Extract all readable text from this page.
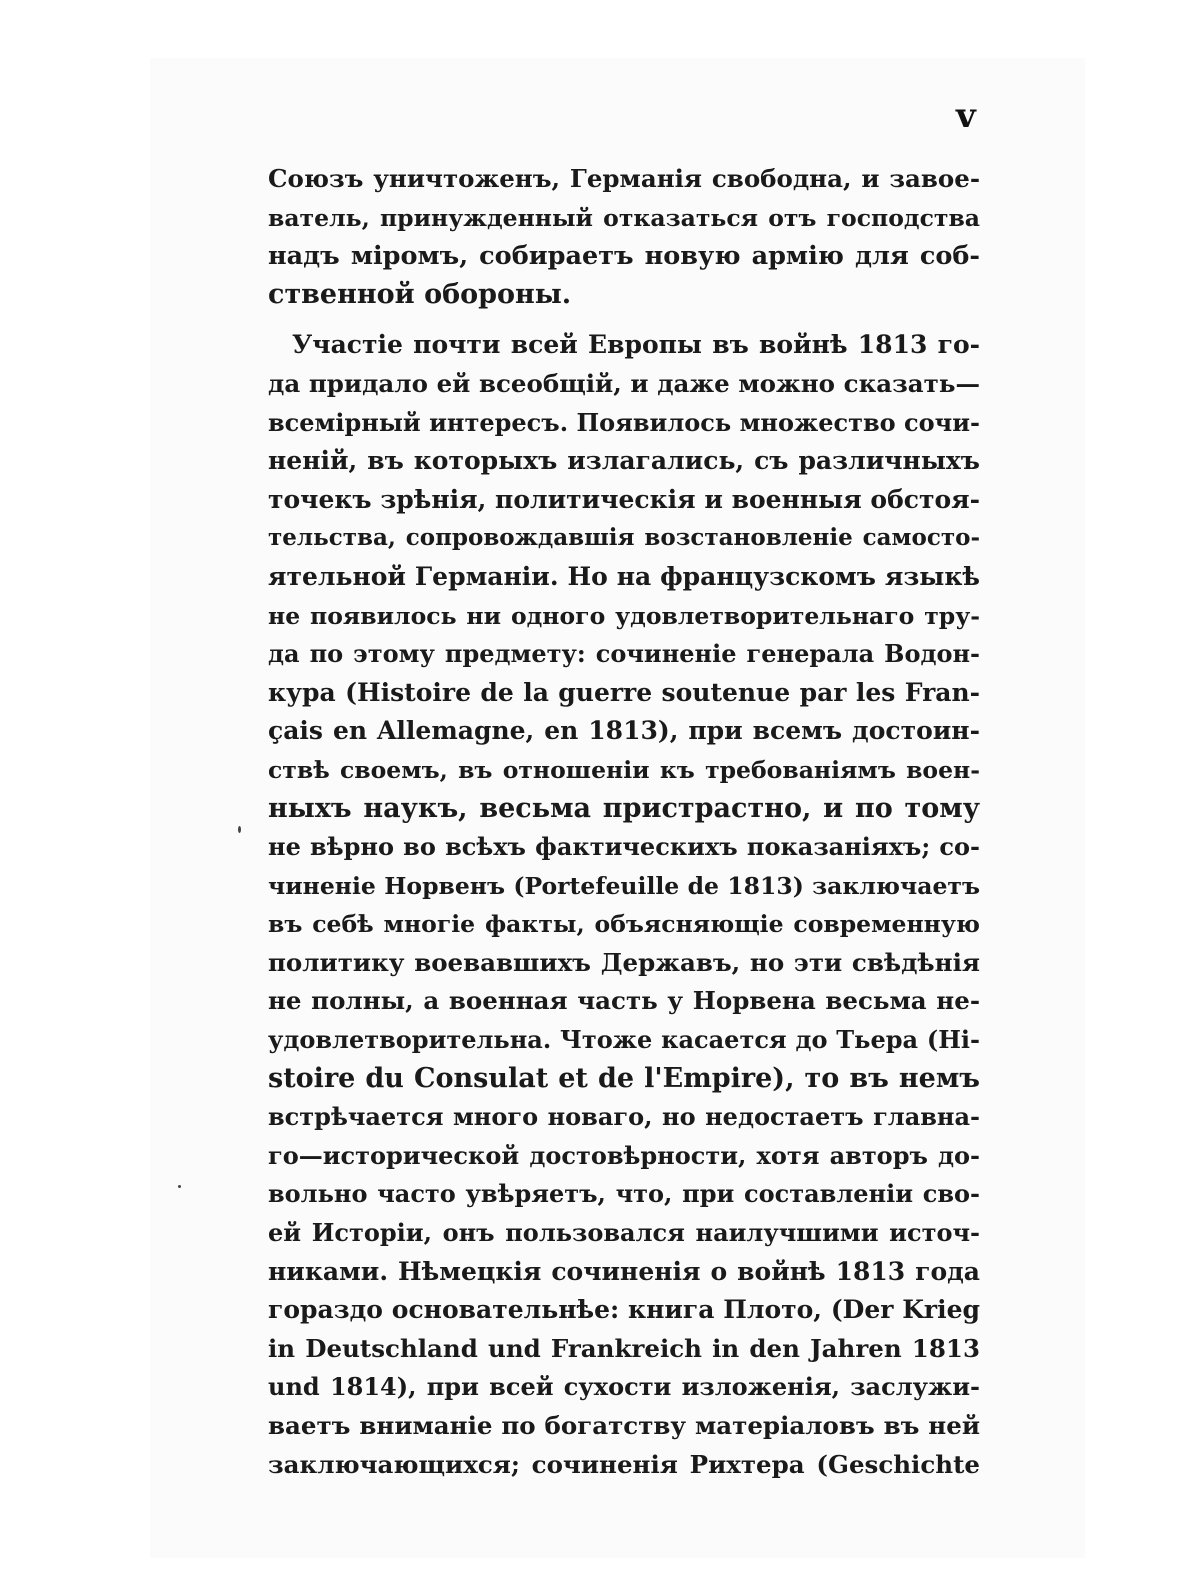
v
Союзъ уничтоженъ, Германія свободна, и завое-
ватель, принужденный отказаться отъ господства
надъ міромъ, собираетъ новую армію для соб-
ственной обороны.
Участіе почти всей Европы въ войнѣ 1813 го-
да придало ей всеобщій, и даже можно сказать—
всемірный интересъ. Появилось множество сочи-
неній, въ которыхъ излагались, съ различныхъ
точекъ зрѣнія, политическія и военныя обстоя-
тельства, сопровождавшія возстановленіе самосто-
ятельной Германіи. Но на французскомъ языкѣ
не появилось ни одного удовлетворительнаго тру-
да по этому предмету: сочиненіе генерала Водон-
кура (Histoire de la guerre soutenue par les Fran-
çais en Allemagne, en 1813), при всемъ достоин-
ствѣ своемъ, въ отношеніи къ требованіямъ воен-
ныхъ наукъ, весьма пристрастно, и по тому
не вѣрно во всѣхъ фактическихъ показаніяхъ; со-
чиненіе Норвенъ (Portefeuille de 1813) заключаетъ
въ себѣ многіе факты, объясняющіе современную
политику воевавшихъ Державъ, но эти свѣдѣнія
не полны, а военная часть у Норвена весьма не-
удовлетворительна. Чтоже касается до Тьера (Hi-
stoire du Consulat et de l'Empire), то въ немъ
встрѣчается много новаго, но недостаетъ главна-
го—исторической достовѣрности, хотя авторъ до-
вольно часто увѣряетъ, что, при составленіи сво-
ей Исторіи, онъ пользовался наилучшими источ-
никами. Нѣмецкія сочиненія о войнѣ 1813 года
гораздо основательнѣе: книга Плото, (Der Krieg
in Deutschland und Frankreich in den Jahren 1813
und 1814), при всей сухости изложенія, заслужи-
ваетъ вниманіе по богатству матеріаловъ въ ней
заключающихся; сочиненія Рихтера (Geschichte
